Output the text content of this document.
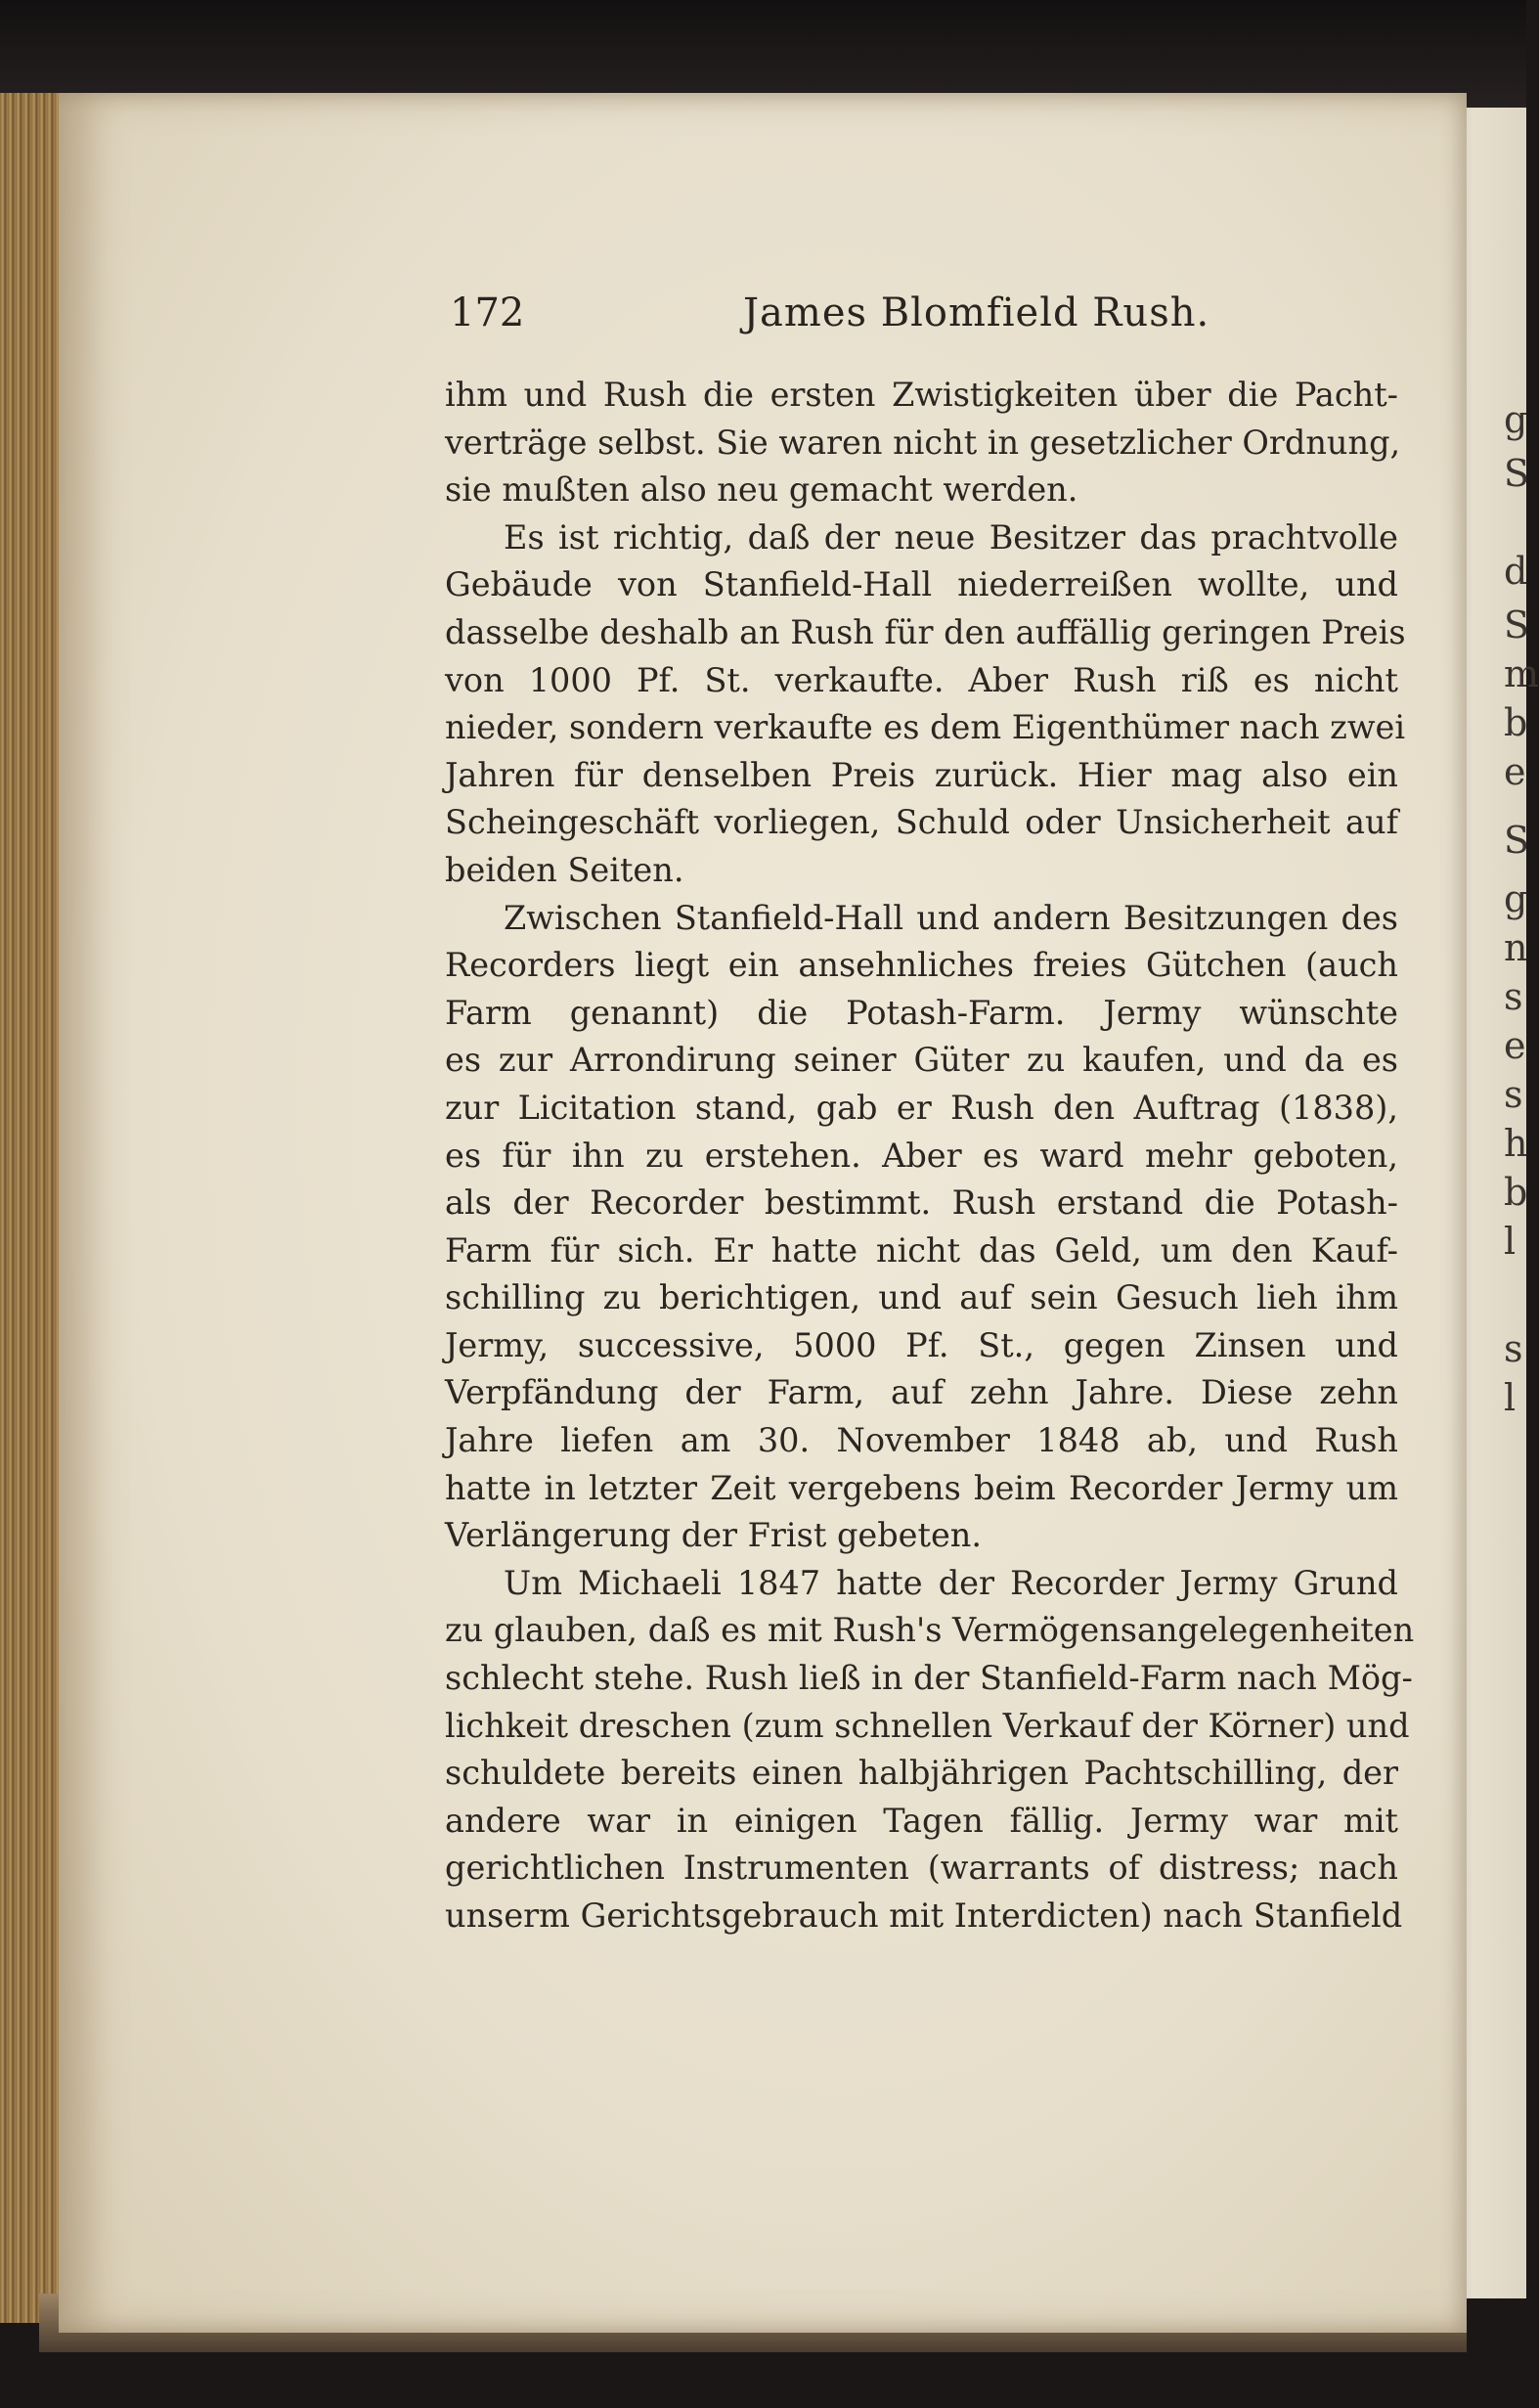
g
S
d
S
m
b
e
S
g
n
s
e
s
h
b
l
s
l
172	James Blomfield Rush.
ihm und Rush die ersten Zwistigkeiten über die Pacht-
verträge selbst. Sie waren nicht in gesetzlicher Ordnung,
sie mußten also neu gemacht werden.
Es ist richtig, daß der neue Besitzer das prachtvolle
Gebäude von Stanfield-Hall niederreißen wollte, und
dasselbe deshalb an Rush für den auffällig geringen Preis
von 1000 Pf. St. verkaufte. Aber Rush riß es nicht
nieder, sondern verkaufte es dem Eigenthümer nach zwei
Jahren für denselben Preis zurück. Hier mag also ein
Scheingeschäft vorliegen, Schuld oder Unsicherheit auf
beiden Seiten.
Zwischen Stanfield-Hall und andern Besitzungen des
Recorders liegt ein ansehnliches freies Gütchen (auch
Farm genannt) die Potash-Farm. Jermy wünschte
es zur Arrondirung seiner Güter zu kaufen, und da es
zur Licitation stand, gab er Rush den Auftrag (1838),
es für ihn zu erstehen. Aber es ward mehr geboten,
als der Recorder bestimmt. Rush erstand die Potash-
Farm für sich. Er hatte nicht das Geld, um den Kauf-
schilling zu berichtigen, und auf sein Gesuch lieh ihm
Jermy, successive, 5000 Pf. St., gegen Zinsen und
Verpfändung der Farm, auf zehn Jahre. Diese zehn
Jahre liefen am 30. November 1848 ab, und Rush
hatte in letzter Zeit vergebens beim Recorder Jermy um
Verlängerung der Frist gebeten.
Um Michaeli 1847 hatte der Recorder Jermy Grund
zu glauben, daß es mit Rush's Vermögensangelegenheiten
schlecht stehe. Rush ließ in der Stanfield-Farm nach Mög-
lichkeit dreschen (zum schnellen Verkauf der Körner) und
schuldete bereits einen halbjährigen Pachtschilling, der
andere war in einigen Tagen fällig. Jermy war mit
gerichtlichen Instrumenten (warrants of distress; nach
unserm Gerichtsgebrauch mit Interdicten) nach Stanfield
